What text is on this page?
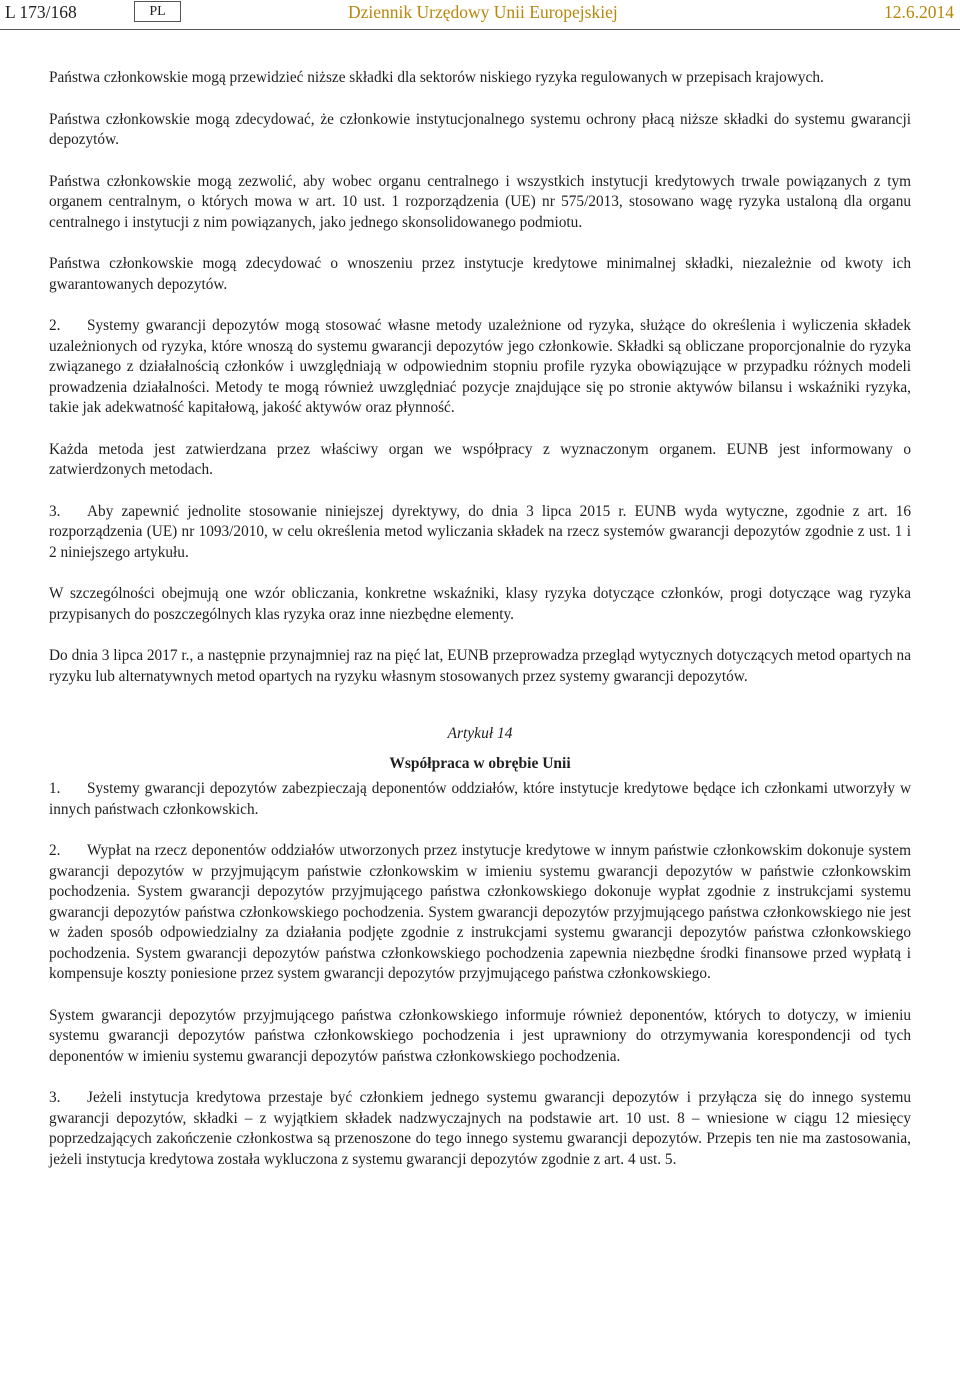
L 173/168	PL	Dziennik Urzędowy Unii Europejskiej	12.6.2014

Państwa członkowskie mogą przewidzieć niższe składki dla sektorów niskiego ryzyka regulowanych w przepisach krajowych.

Państwa członkowskie mogą zdecydować, że członkowie instytucjonalnego systemu ochrony płacą niższe składki do systemu gwarancji depozytów.

Państwa członkowskie mogą zezwolić, aby wobec organu centralnego i wszystkich instytucji kredytowych trwale powiązanych z tym organem centralnym, o których mowa w art. 10 ust. 1 rozporządzenia (UE) nr 575/2013, stosowano wagę ryzyka ustaloną dla organu centralnego i instytucji z nim powiązanych, jako jednego skonsolidowanego podmiotu.

Państwa członkowskie mogą zdecydować o wnoszeniu przez instytucje kredytowe minimalnej składki, niezależnie od kwoty ich gwarantowanych depozytów.

2. Systemy gwarancji depozytów mogą stosować własne metody uzależnione od ryzyka, służące do określenia i wyliczenia składek uzależnionych od ryzyka, które wnoszą do systemu gwarancji depozytów jego członkowie. Składki są obliczane proporcjonalnie do ryzyka związanego z działalnością członków i uwzględniają w odpowiednim stopniu profile ryzyka obowiązujące w przypadku różnych modeli prowadzenia działalności. Metody te mogą również uwzględniać pozycje znajdujące się po stronie aktywów bilansu i wskaźniki ryzyka, takie jak adekwatność kapitałową, jakość aktywów oraz płynność.

Każda metoda jest zatwierdzana przez właściwy organ we współpracy z wyznaczonym organem. EUNB jest informowany o zatwierdzonych metodach.

3. Aby zapewnić jednolite stosowanie niniejszej dyrektywy, do dnia 3 lipca 2015 r. EUNB wyda wytyczne, zgodnie z art. 16 rozporządzenia (UE) nr 1093/2010, w celu określenia metod wyliczania składek na rzecz systemów gwarancji depozytów zgodnie z ust. 1 i 2 niniejszego artykułu.

W szczególności obejmują one wzór obliczania, konkretne wskaźniki, klasy ryzyka dotyczące członków, progi dotyczące wag ryzyka przypisanych do poszczególnych klas ryzyka oraz inne niezbędne elementy.

Do dnia 3 lipca 2017 r., a następnie przynajmniej raz na pięć lat, EUNB przeprowadza przegląd wytycznych dotyczących metod opartych na ryzyku lub alternatywnych metod opartych na ryzyku własnym stosowanych przez systemy gwarancji depozytów.

Artykuł 14
Współpraca w obrębie Unii

1. Systemy gwarancji depozytów zabezpieczają deponentów oddziałów, które instytucje kredytowe będące ich członkami utworzyły w innych państwach członkowskich.

2. Wypłat na rzecz deponentów oddziałów utworzonych przez instytucje kredytowe w innym państwie członkowskim dokonuje system gwarancji depozytów w przyjmującym państwie członkowskim w imieniu systemu gwarancji depozytów w państwie członkowskim pochodzenia. System gwarancji depozytów przyjmującego państwa członkowskiego dokonuje wypłat zgodnie z instrukcjami systemu gwarancji depozytów państwa członkowskiego pochodzenia. System gwarancji depozytów przyjmującego państwa członkowskiego nie jest w żaden sposób odpowiedzialny za działania podjęte zgodnie z instrukcjami systemu gwarancji depozytów państwa członkowskiego pochodzenia. System gwarancji depozytów państwa członkowskiego pochodzenia zapewnia niezbędne środki finansowe przed wypłatą i kompensuje koszty poniesione przez system gwarancji depozytów przyjmującego państwa członkowskiego.

System gwarancji depozytów przyjmującego państwa członkowskiego informuje również deponentów, których to dotyczy, w imieniu systemu gwarancji depozytów państwa członkowskiego pochodzenia i jest uprawniony do otrzymywania korespondencji od tych deponentów w imieniu systemu gwarancji depozytów państwa członkowskiego pochodzenia.

3. Jeżeli instytucja kredytowa przestaje być członkiem jednego systemu gwarancji depozytów i przyłącza się do innego systemu gwarancji depozytów, składki – z wyjątkiem składek nadzwyczajnych na podstawie art. 10 ust. 8 – wniesione w ciągu 12 miesięcy poprzedzających zakończenie członkostwa są przenoszone do tego innego systemu gwarancji depozytów. Przepis ten nie ma zastosowania, jeżeli instytucja kredytowa została wykluczona z systemu gwarancji depozytów zgodnie z art. 4 ust. 5.
